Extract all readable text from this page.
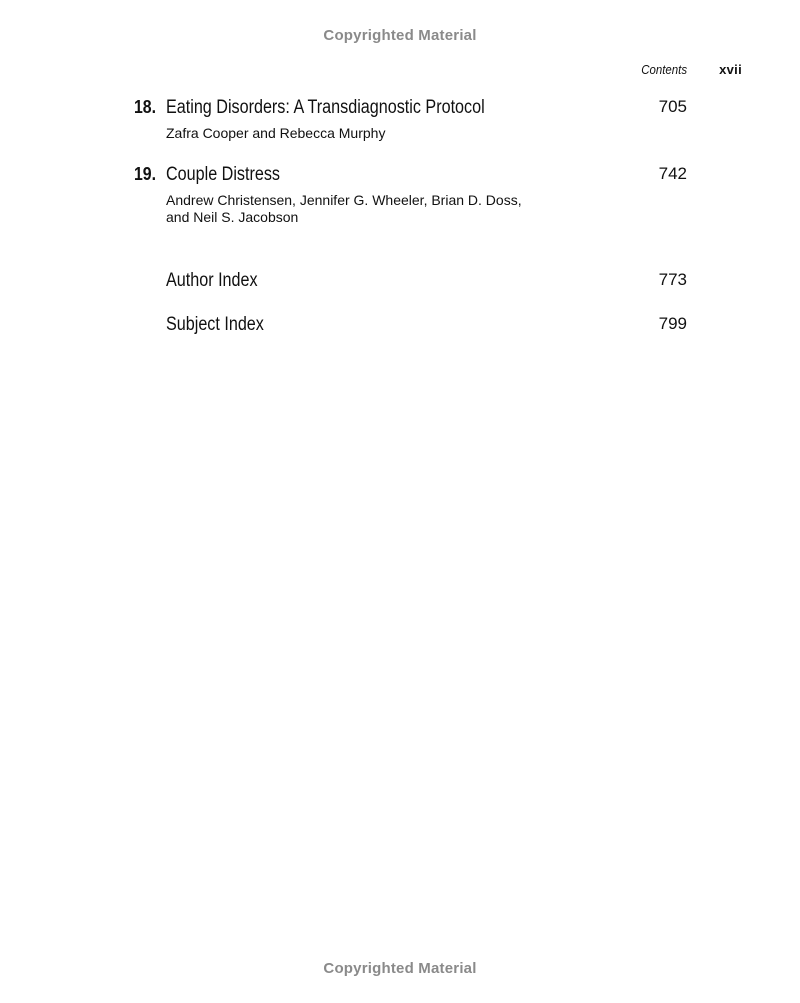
Copyrighted Material
Contents xvii
18. Eating Disorders: A Transdiagnostic Protocol	705
Zafra Cooper and Rebecca Murphy
19. Couple Distress	742
Andrew Christensen, Jennifer G. Wheeler, Brian D. Doss,
and Neil S. Jacobson
Author Index	773
Subject Index	799
Copyrighted Material
